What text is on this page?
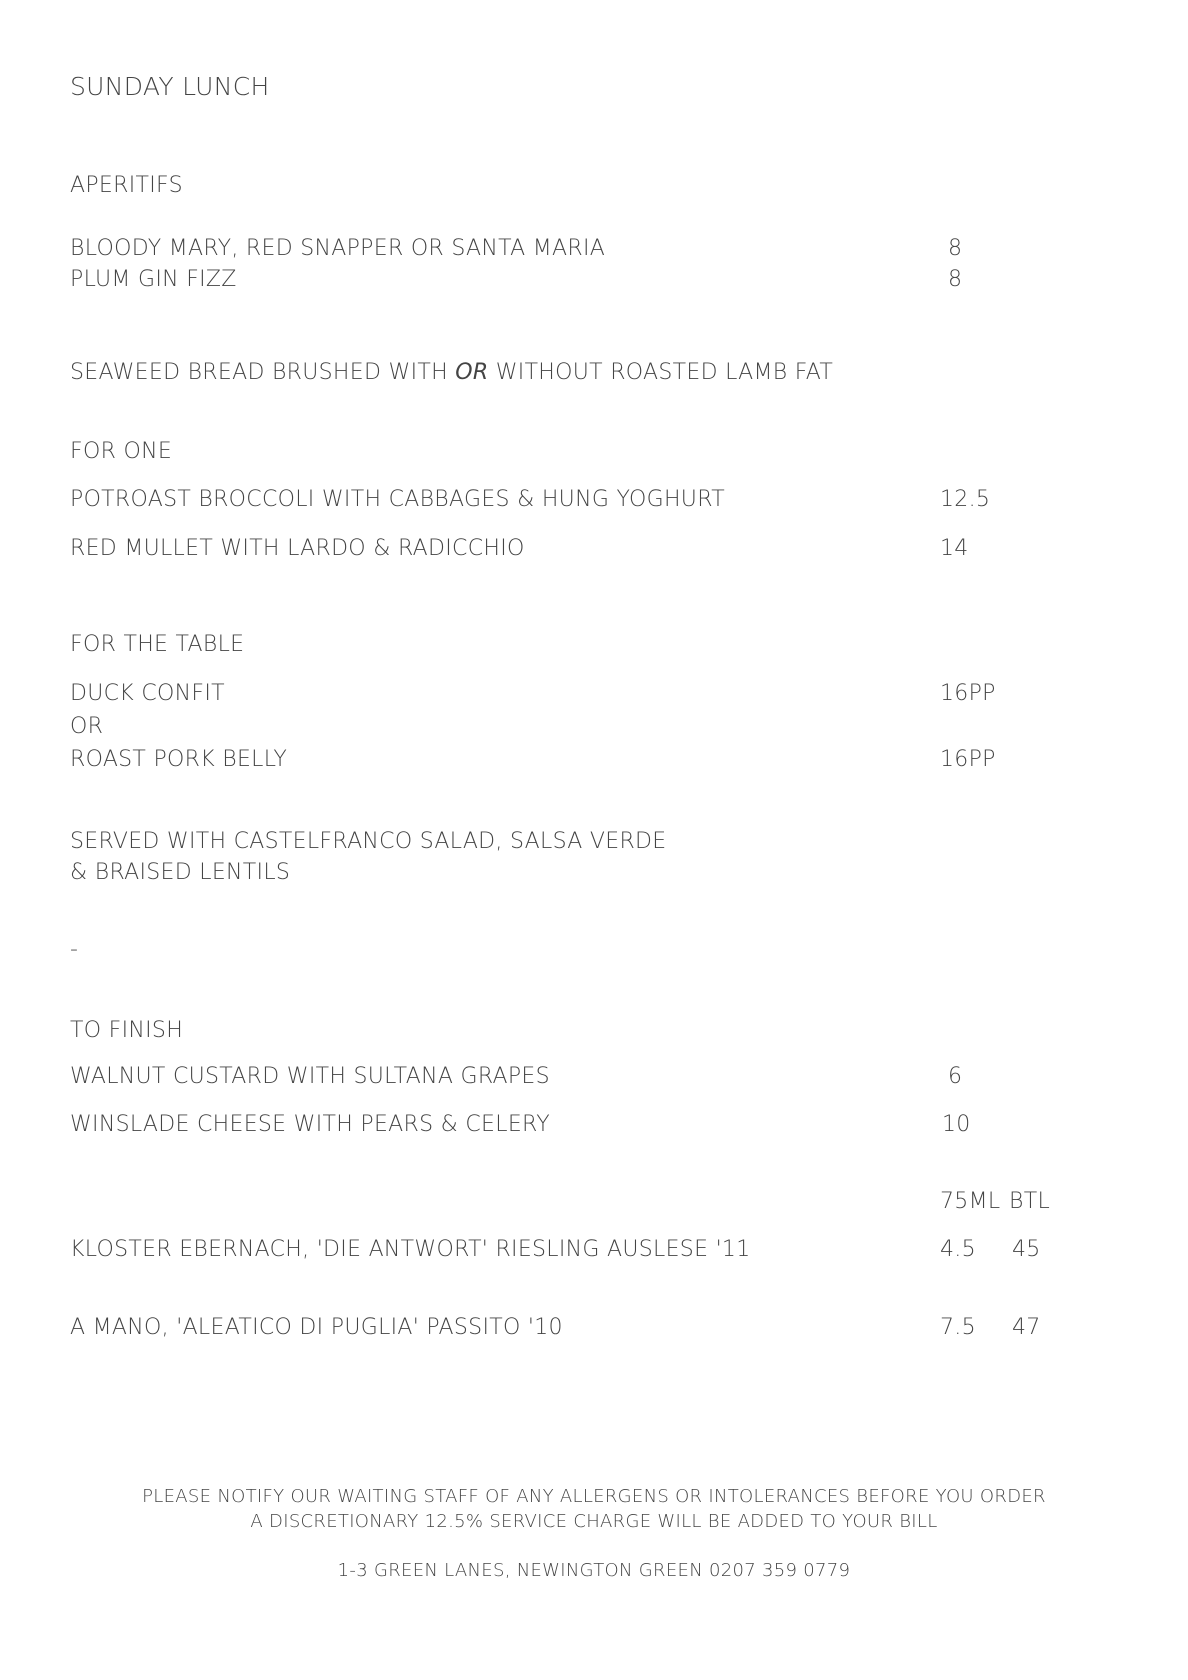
SUNDAY LUNCH
APERITIFS
BLOODY MARY, RED SNAPPER OR SANTA MARIA	8
PLUM GIN FIZZ	8
SEAWEED BREAD BRUSHED WITH OR WITHOUT ROASTED LAMB FAT
FOR ONE
POTROAST BROCCOLI WITH CABBAGES & HUNG YOGHURT	12.5
RED MULLET WITH LARDO & RADICCHIO	14
FOR THE TABLE
DUCK CONFIT	16PP
OR
ROAST PORK BELLY	16PP
SERVED WITH CASTELFRANCO SALAD, SALSA VERDE
& BRAISED LENTILS
-
TO FINISH
WALNUT CUSTARD WITH SULTANA GRAPES	6
WINSLADE CHEESE WITH PEARS & CELERY	10
75ML BTL
KLOSTER EBERNACH, 'DIE ANTWORT' RIESLING AUSLESE '11	4.5 45
A MANO, 'ALEATICO DI PUGLIA' PASSITO '10	7.5 47
PLEASE NOTIFY OUR WAITING STAFF OF ANY ALLERGENS OR INTOLERANCES BEFORE YOU ORDER
A DISCRETIONARY 12.5% SERVICE CHARGE WILL BE ADDED TO YOUR BILL
1-3 GREEN LANES, NEWINGTON GREEN 0207 359 0779
